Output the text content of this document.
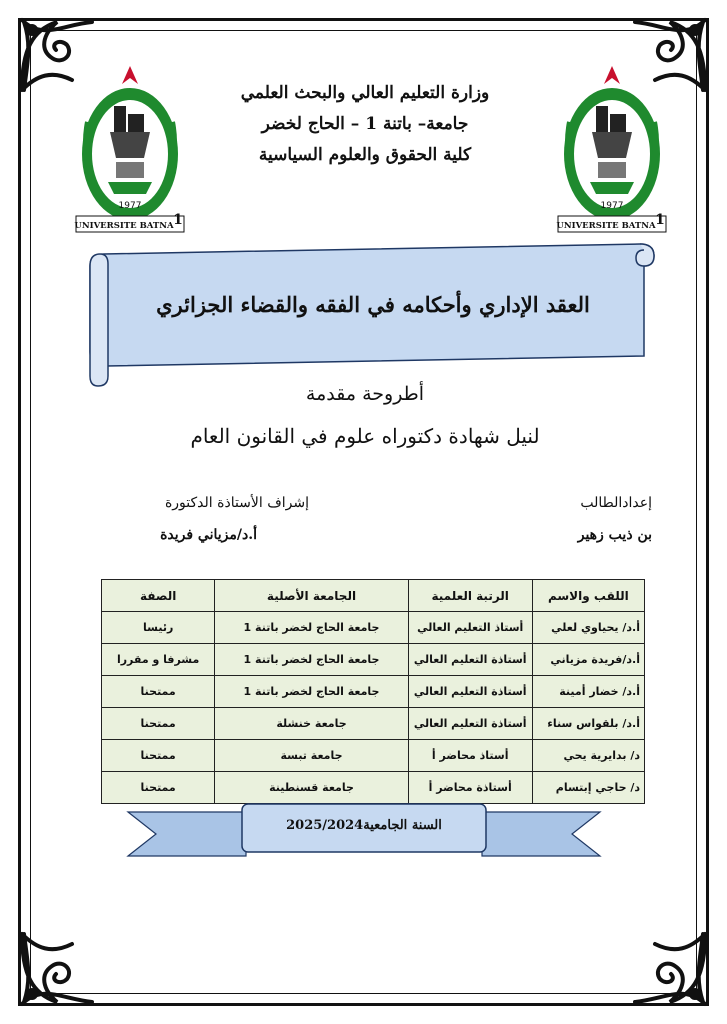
1977
UNIVERSITE BATNA 1
1977
UNIVERSITE BATNA 1
وزارة التعليم العالي والبحث العلمي
جامعة– باتنة 1 – الحاج لخضر
كلية الحقوق والعلوم السياسية
العقد الإداري وأحكامه في الفقه والقضاء الجزائري
أطروحة مقدمة
لنيل شهادة دكتوراه علوم في القانون العام
إعدادالطالب
بن ذيب زهير
إشراف الأستاذة الدكتورة
أ.د/مزياني فريدة
اللقب والاسم	الرتبة العلمية	الجامعة الأصلية	الصفة
أ.د/ يحياوي لعلي	أستاذ التعليم العالي	جامعة الحاج لخضر باتنة 1	رئيسا
أ.د/فريدة مزياني	أستاذة التعليم العالي	جامعة الحاج لخضر باتنة 1	مشرفا و مقررا
أ.د/ خضار أمينة	أستاذة التعليم العالي	جامعة الحاج لخضر باتنة 1	ممتحنا
أ.د/ بلقواس سناء	أستاذة التعليم العالي	جامعة خنشلة	ممتحنا
د/ بدايرية يحي	أستاذ محاضر أ	جامعة تبسة	ممتحنا
د/ حاجي إبتسام	أستاذة محاضر أ	جامعة قسنطينة	ممتحنا
السنة الجامعية2025/2024
